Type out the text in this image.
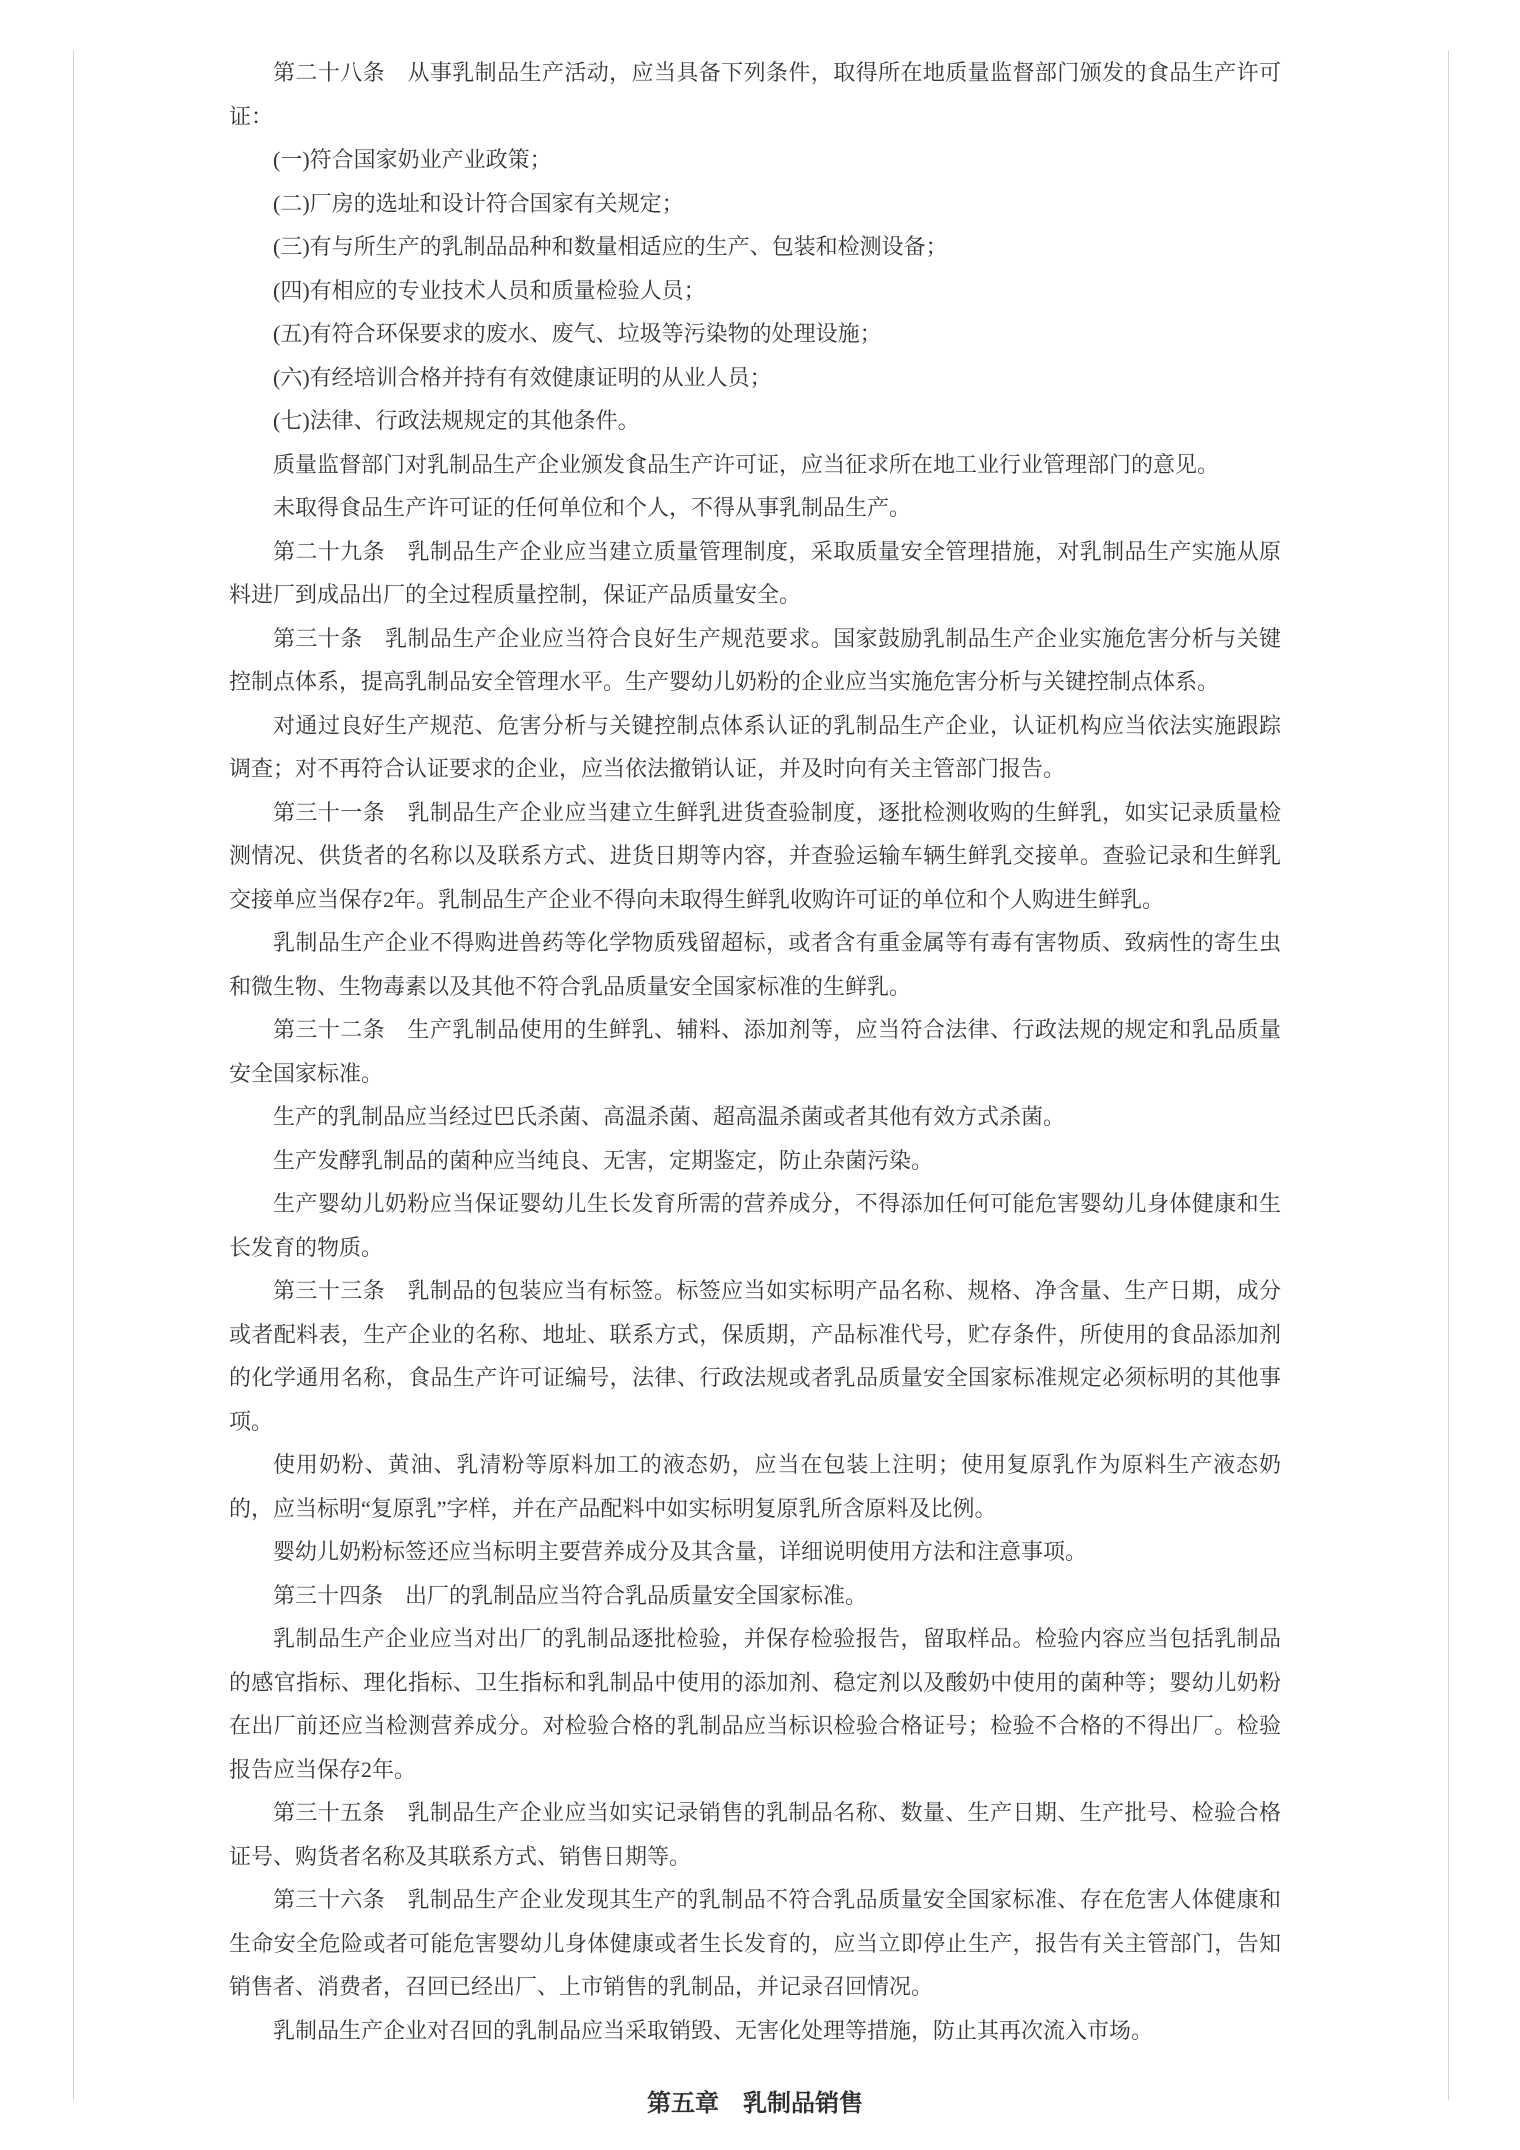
第二十八条　从事乳制品生产活动，应当具备下列条件，取得所在地质量监督部门颁发的食品生产许可证：

(一)符合国家奶业产业政策；

(二)厂房的选址和设计符合国家有关规定；

(三)有与所生产的乳制品品种和数量相适应的生产、包装和检测设备；

(四)有相应的专业技术人员和质量检验人员；

(五)有符合环保要求的废水、废气、垃圾等污染物的处理设施；

(六)有经培训合格并持有有效健康证明的从业人员；

(七)法律、行政法规规定的其他条件。

质量监督部门对乳制品生产企业颁发食品生产许可证，应当征求所在地工业行业管理部门的意见。

未取得食品生产许可证的任何单位和个人，不得从事乳制品生产。

第二十九条　乳制品生产企业应当建立质量管理制度，采取质量安全管理措施，对乳制品生产实施从原料进厂到成品出厂的全过程质量控制，保证产品质量安全。

第三十条　乳制品生产企业应当符合良好生产规范要求。国家鼓励乳制品生产企业实施危害分析与关键控制点体系，提高乳制品安全管理水平。生产婴幼儿奶粉的企业应当实施危害分析与关键控制点体系。

对通过良好生产规范、危害分析与关键控制点体系认证的乳制品生产企业，认证机构应当依法实施跟踪调查；对不再符合认证要求的企业，应当依法撤销认证，并及时向有关主管部门报告。

第三十一条　乳制品生产企业应当建立生鲜乳进货查验制度，逐批检测收购的生鲜乳，如实记录质量检测情况、供货者的名称以及联系方式、进货日期等内容，并查验运输车辆生鲜乳交接单。查验记录和生鲜乳交接单应当保存2年。乳制品生产企业不得向未取得生鲜乳收购许可证的单位和个人购进生鲜乳。

乳制品生产企业不得购进兽药等化学物质残留超标，或者含有重金属等有毒有害物质、致病性的寄生虫和微生物、生物毒素以及其他不符合乳品质量安全国家标准的生鲜乳。

第三十二条　生产乳制品使用的生鲜乳、辅料、添加剂等，应当符合法律、行政法规的规定和乳品质量安全国家标准。

生产的乳制品应当经过巴氏杀菌、高温杀菌、超高温杀菌或者其他有效方式杀菌。

生产发酵乳制品的菌种应当纯良、无害，定期鉴定，防止杂菌污染。

生产婴幼儿奶粉应当保证婴幼儿生长发育所需的营养成分，不得添加任何可能危害婴幼儿身体健康和生长发育的物质。

第三十三条　乳制品的包装应当有标签。标签应当如实标明产品名称、规格、净含量、生产日期，成分或者配料表，生产企业的名称、地址、联系方式，保质期，产品标准代号，贮存条件，所使用的食品添加剂的化学通用名称，食品生产许可证编号，法律、行政法规或者乳品质量安全国家标准规定必须标明的其他事项。

使用奶粉、黄油、乳清粉等原料加工的液态奶，应当在包装上注明；使用复原乳作为原料生产液态奶的，应当标明“复原乳”字样，并在产品配料中如实标明复原乳所含原料及比例。

婴幼儿奶粉标签还应当标明主要营养成分及其含量，详细说明使用方法和注意事项。

第三十四条　出厂的乳制品应当符合乳品质量安全国家标准。

乳制品生产企业应当对出厂的乳制品逐批检验，并保存检验报告，留取样品。检验内容应当包括乳制品的感官指标、理化指标、卫生指标和乳制品中使用的添加剂、稳定剂以及酸奶中使用的菌种等；婴幼儿奶粉在出厂前还应当检测营养成分。对检验合格的乳制品应当标识检验合格证号；检验不合格的不得出厂。检验报告应当保存2年。

第三十五条　乳制品生产企业应当如实记录销售的乳制品名称、数量、生产日期、生产批号、检验合格证号、购货者名称及其联系方式、销售日期等。

第三十六条　乳制品生产企业发现其生产的乳制品不符合乳品质量安全国家标准、存在危害人体健康和生命安全危险或者可能危害婴幼儿身体健康或者生长发育的，应当立即停止生产，报告有关主管部门，告知销售者、消费者，召回已经出厂、上市销售的乳制品，并记录召回情况。

乳制品生产企业对召回的乳制品应当采取销毁、无害化处理等措施，防止其再次流入市场。

第五章　乳制品销售
